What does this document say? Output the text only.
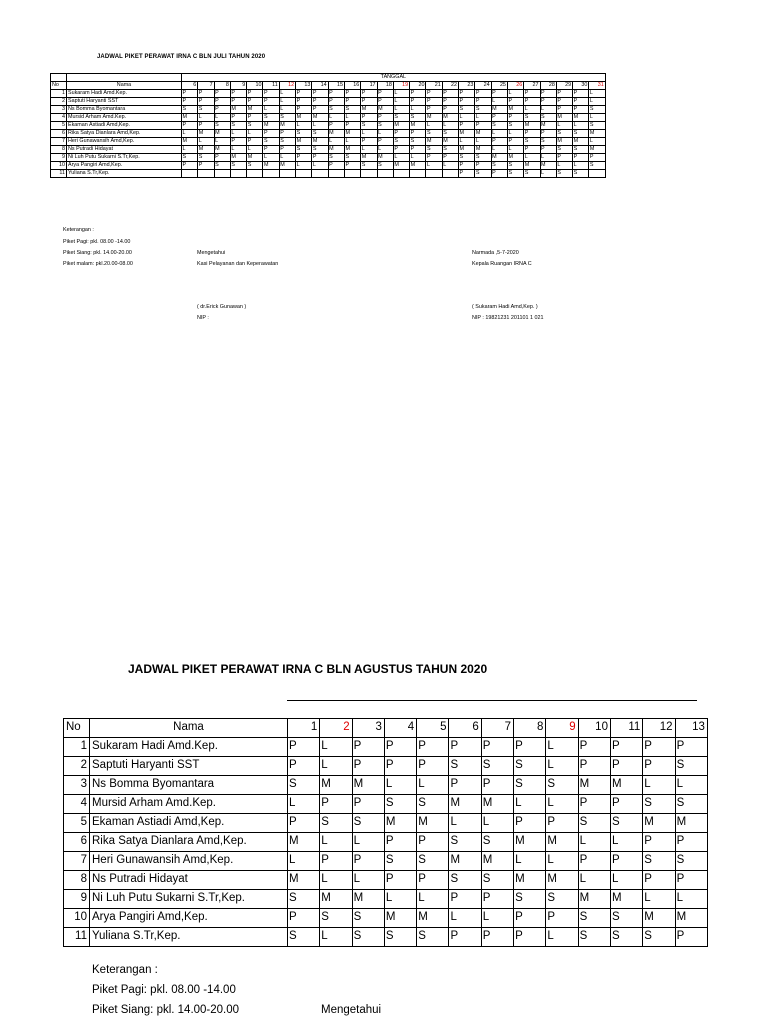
JADWAL PIKET PERAWAT IRNA C BLN JULI TAHUN 2020
		TANGGAL																									
No	Nama	6	7	8	9	10	11	12	13	14	15	16	17	18	19	20	21	22	23	24	25	26	27	28	29	30	31
1	Sukaram Hadi Amd.Kep.	P	P	P	P	P	P	L	P	P	P	P	P	P	L	P	P	P	P	P	P	L	P	P	P	P	L
2	Saptuti Haryanti SST	P	P	P	P	P	P	L	P	P	P	P	P	P	L	P	P	P	P	P	L	P	P	P	P	P	L
3	Ns Bomma Byomantara	S	S	P	M	M	L	L	P	P	S	S	M	M	L	L	P	P	S	S	M	M	L	L	P	P	S
4	Mursid Arham Amd.Kep.	M	L	L	P	P	S	S	M	M	L	L	P	P	S	S	M	M	L	L	P	P	S	S	M	M	L
5	Ekaman Astiadi Amd,Kep.	P	P	S	S	S	M	M	L	L	P	P	S	S	M	M	L	L	P	P	S	S	M	M	L	L	S
6	Rika Satya Dianlara Amd,Kep.	L	M	M	L	L	P	P	S	S	M	M	L	L	P	P	S	S	M	M	L	L	P	P	S	S	M
7	Heri Gunawansih Amd,Kep.	M	L	L	P	P	S	S	M	M	L	L	P	P	S	S	M	M	L	L	P	P	S	S	M	M	L
8	Ns Putradi Hidayat	L	M	M	L	L	P	P	S	S	M	M	L	L	P	P	S	S	M	M	L	L	P	P	S	S	M
9	Ni Luh Putu Sukarni S.Tr,Kep.	S	S	P	M	M	L	L	P	P	S	S	M	M	L	L	P	P	S	S	M	M	L	L	P	P	P
10	Arya Pangiri Amd,Kep.	P	P	S	S	S	M	M	L	L	P	P	S	S	M	M	L	L	P	P	S	S	M	M	L	L	S
11	Yuliana S.Tr,Kep.																		P	S	P	S	S	L	S	S	
Keterangan :
Piket Pagi: pkl. 08.00 -14.00
Piket Siang: pkl. 14.00-20.00
Piket malam: pkl.20.00-08.00
Mengetahui
Kasi Pelayanan dan Keperawatan
Narmada ,5-7-2020
Kepala Ruangan IRNA C
( dr.Erick Gunawan )
NIP :
( Sukaram Hadi Amd,Kep. )
NIP : 19821231 201101 1 021
JADWAL PIKET PERAWAT IRNA C BLN AGUSTUS TAHUN 2020
No	Nama	1	2	3	4	5	6	7	8	9	10	11	12	13
1	Sukaram Hadi Amd.Kep.	P	L	P	P	P	P	P	P	L	P	P	P	P
2	Saptuti Haryanti SST	P	L	P	P	P	S	S	S	L	P	P	P	S
3	Ns Bomma Byomantara	S	M	M	L	L	P	P	S	S	M	M	L	L
4	Mursid Arham Amd.Kep.	L	P	P	S	S	M	M	L	L	P	P	S	S
5	Ekaman Astiadi Amd,Kep.	P	S	S	M	M	L	L	P	P	S	S	M	M
6	Rika Satya Dianlara Amd,Kep.	M	L	L	P	P	S	S	M	M	L	L	P	P
7	Heri Gunawansih Amd,Kep.	L	P	P	S	S	M	M	L	L	P	P	S	S
8	Ns Putradi Hidayat	M	L	L	P	P	S	S	M	M	L	L	P	P
9	Ni Luh Putu Sukarni S.Tr,Kep.	S	M	M	L	L	P	P	S	S	M	M	L	L
10	Arya Pangiri Amd,Kep.	P	S	S	M	M	L	L	P	P	S	S	M	M
11	Yuliana S.Tr,Kep.	S	L	S	S	S	P	P	P	L	S	S	S	P
Keterangan :
Piket Pagi: pkl. 08.00 -14.00
Piket Siang: pkl. 14.00-20.00	Mengetahui
